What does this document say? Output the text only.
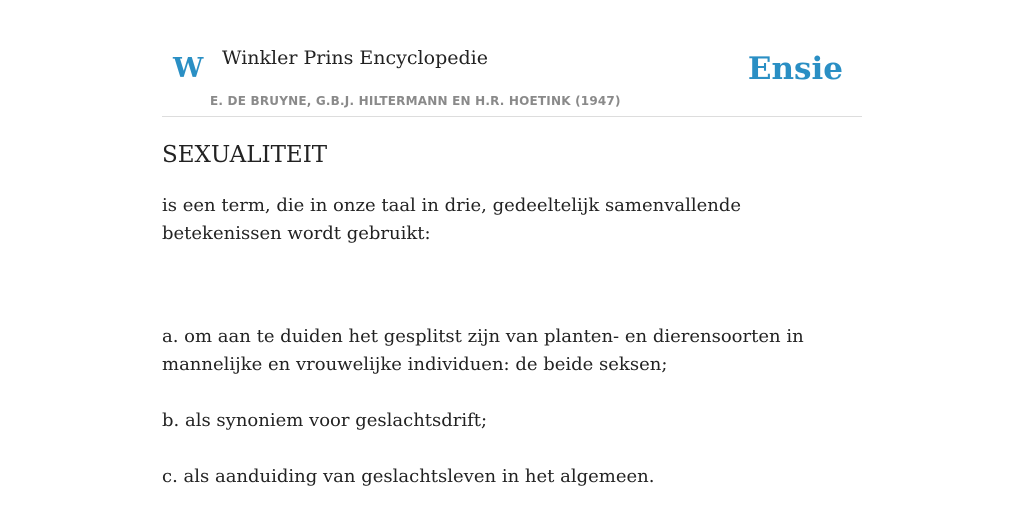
W Winkler Prins Encyclopedie
E. DE BRUYNE, G.B.J. HILTERMANN EN H.R. HOETINK (1947)
Ensie
SEXUALITEIT

is een term, die in onze taal in drie, gedeeltelijk samenvallende betekenissen wordt gebruikt:

a. om aan te duiden het gesplitst zijn van planten- en dierensoorten in mannelijke en vrouwelijke individuen: de beide seksen;

b. als synoniem voor geslachtsdrift;

c. als aanduiding van geslachtsleven in het algemeen.
